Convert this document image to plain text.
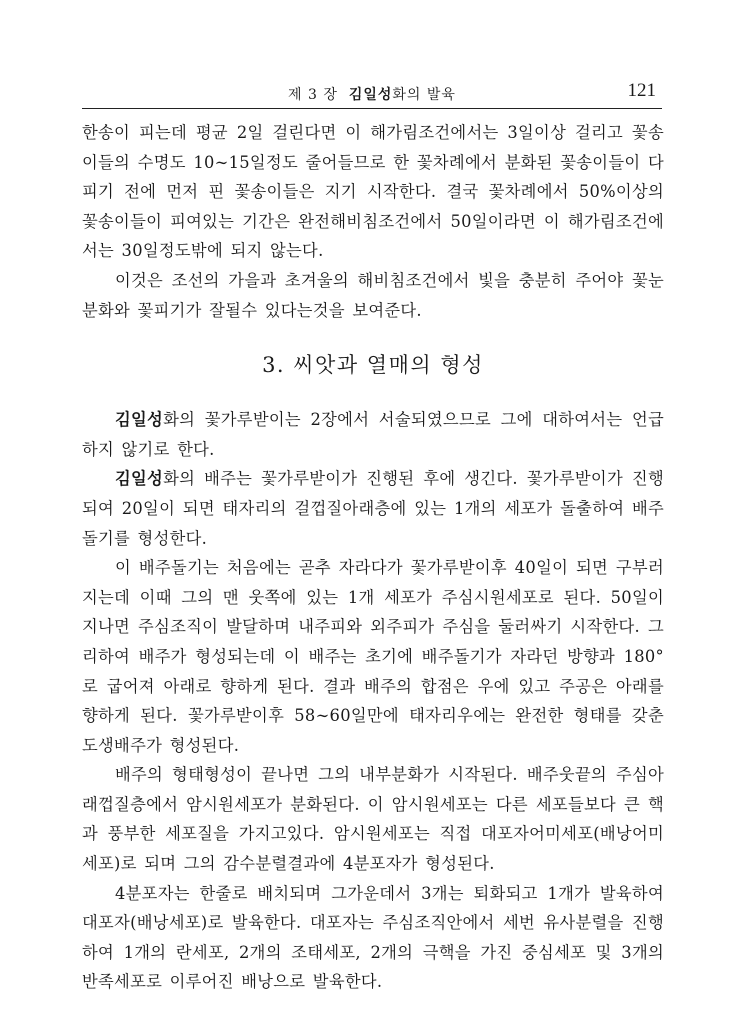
제 3 장 김일성화의 발육	121

한송이 피는데 평균 2일 걸린다면 이 해가림조건에서는 3일이상 걸리고 꽃송이들의 수명도 10∼15일정도 줄어들므로 한 꽃차례에서 분화된 꽃송이들이 다 피기 전에 먼저 핀 꽃송이들은 지기 시작한다. 결국 꽃차례에서 50%이상의 꽃송이들이 피여있는 기간은 완전해비침조건에서 50일이라면 이 해가림조건에서는 30일정도밖에 되지 않는다.

이것은 조선의 가을과 초겨울의 해비침조건에서 빛을 충분히 주어야 꽃눈분화와 꽃피기가 잘될수 있다는것을 보여준다.

3. 씨앗과 열매의 형성

김일성화의 꽃가루받이는 2장에서 서술되였으므로 그에 대하여서는 언급하지 않기로 한다.

김일성화의 배주는 꽃가루받이가 진행된 후에 생긴다. 꽃가루받이가 진행되여 20일이 되면 태자리의 걸껍질아래층에 있는 1개의 세포가 돌출하여 배주돌기를 형성한다.

이 배주돌기는 처음에는 곧추 자라다가 꽃가루받이후 40일이 되면 구부러지는데 이때 그의 맨 웃쪽에 있는 1개 세포가 주심시원세포로 된다. 50일이 지나면 주심조직이 발달하며 내주피와 외주피가 주심을 둘러싸기 시작한다. 그리하여 배주가 형성되는데 이 배주는 초기에 배주돌기가 자라던 방향과 180° 로 굽어져 아래로 향하게 된다. 결과 배주의 합점은 우에 있고 주공은 아래를 향하게 된다. 꽃가루받이후 58∼60일만에 태자리우에는 완전한 형태를 갖춘 도생배주가 형성된다.

배주의 형태형성이 끝나면 그의 내부분화가 시작된다. 배주웃끝의 주심아래껍질층에서 암시원세포가 분화된다. 이 암시원세포는 다른 세포들보다 큰 핵과 풍부한 세포질을 가지고있다. 암시원세포는 직접 대포자어미세포(배낭어미세포)로 되며 그의 감수분렬결과에 4분포자가 형성된다.

4분포자는 한줄로 배치되며 그가운데서 3개는 퇴화되고 1개가 발육하여 대포자(배낭세포)로 발육한다. 대포자는 주심조직안에서 세번 유사분렬을 진행하여 1개의 란세포, 2개의 조태세포, 2개의 극핵을 가진 중심세포 및 3개의 반족세포로 이루어진 배낭으로 발육한다.
